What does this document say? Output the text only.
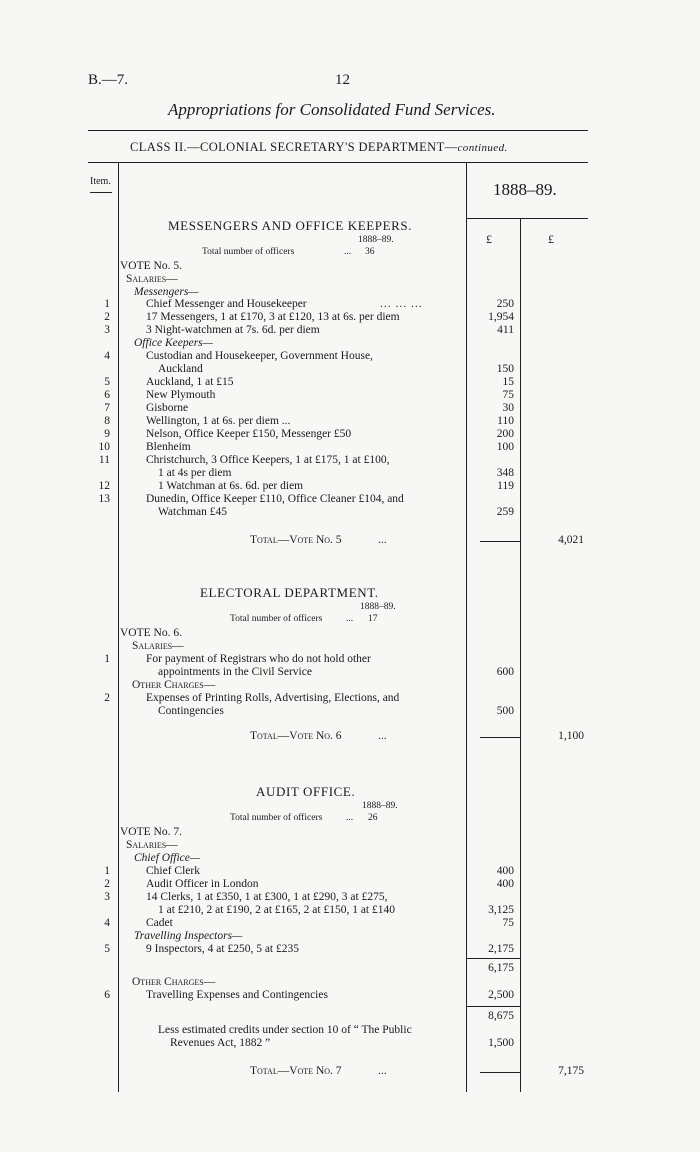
B.—7.	12
Appropriations for Consolidated Fund Services.
CLASS II.—COLONIAL SECRETARY'S DEPARTMENT—continued.
Item.	1888–89.
£	£
MESSENGERS AND OFFICE KEEPERS.
1888–89.
Total number of officers	... 36
VOTE No. 5.
Salaries—
Messengers—
1	Chief Messenger and Housekeeper	... ... ...	250
2	17 Messengers, 1 at £170, 3 at £120, 13 at 6s. per diem	1,954
3	3 Night-watchmen at 7s. 6d. per diem	411
Office Keepers—
4	Custodian and Housekeeper, Government House,
Auckland	150
5	Auckland, 1 at £15	15
6	New Plymouth	75
7	Gisborne	30
8	Wellington, 1 at 6s. per diem ...	110
9	Nelson, Office Keeper £150, Messenger £50	200
10	Blenheim	100
11	Christchurch, 3 Office Keepers, 1 at £175, 1 at £100,
1 at 4s per diem	348
12	1 Watchman at 6s. 6d. per diem	119
13	Dunedin, Office Keeper £110, Office Cleaner £104, and
Watchman £45	259
Total—Vote No. 5	...	4,021
ELECTORAL DEPARTMENT.
1888–89.
Total number of officers ... 17
VOTE No. 6.
Salaries—
1	For payment of Registrars who do not hold other
appointments in the Civil Service	600
Other Charges—
2	Expenses of Printing Rolls, Advertising, Elections, and
Contingencies	500
Total—Vote No. 6	...	1,100
AUDIT OFFICE.
1888–89.
Total number of officers ... 26
VOTE No. 7.
Salaries—
Chief Office—
1	Chief Clerk	400
2	Audit Officer in London	400
3	14 Clerks, 1 at £350, 1 at £300, 1 at £290, 3 at £275,
1 at £210, 2 at £190, 2 at £165, 2 at £150, 1 at £140	3,125
4	Cadet	75
Travelling Inspectors—
5	9 Inspectors, 4 at £250, 5 at £235	2,175
6,175
Other Charges—
6	Travelling Expenses and Contingencies	2,500
8,675
Less estimated credits under section 10 of “ The Public
Revenues Act, 1882 ”	1,500
Total—Vote No. 7	...	7,175
